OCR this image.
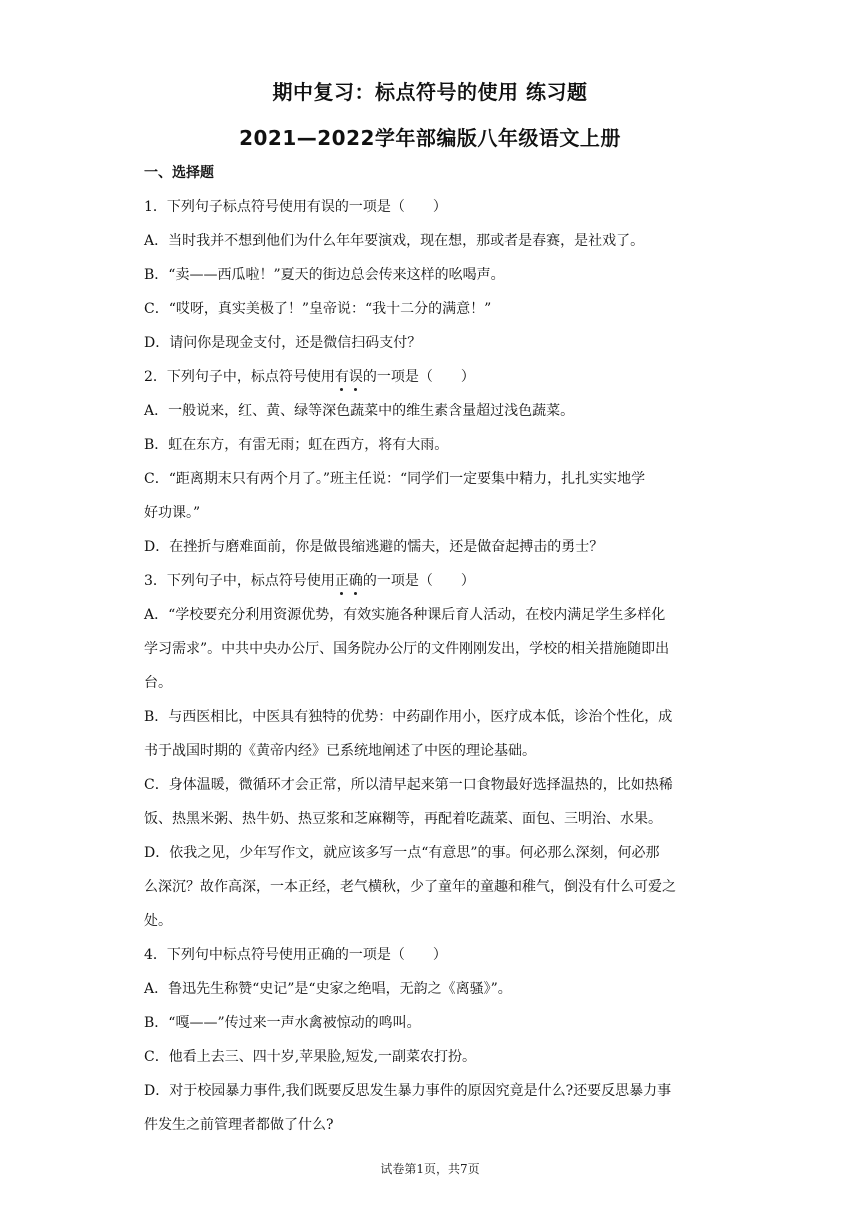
期中复习：标点符号的使用 练习题
2021—2022学年部编版八年级语文上册
一、选择题
1．下列句子标点符号使用有误的一项是（　　）
A．当时我并不想到他们为什么年年要演戏，现在想，那或者是春赛，是社戏了。
B．“卖——西瓜啦！”夏天的街边总会传来这样的吆喝声。
C．“哎呀，真实美极了！”皇帝说：“我十二分的满意！”
D．请问你是现金支付，还是微信扫码支付？
2．下列句子中，标点符号使用有误的一项是（　　）
A．一般说来，红、黄、绿等深色蔬菜中的维生素含量超过浅色蔬菜。
B．虹在东方，有雷无雨；虹在西方，将有大雨。
C．“距离期末只有两个月了。”班主任说：“同学们一定要集中精力，扎扎实实地学
好功课。”
D．在挫折与磨难面前，你是做畏缩逃避的懦夫，还是做奋起搏击的勇士？
3．下列句子中，标点符号使用正确的一项是（　　）
A．“学校要充分利用资源优势，有效实施各种课后育人活动，在校内满足学生多样化
学习需求”。中共中央办公厅、国务院办公厅的文件刚刚发出，学校的相关措施随即出
台。
B．与西医相比，中医具有独特的优势：中药副作用小，医疗成本低，诊治个性化，成
书于战国时期的《黄帝内经》已系统地阐述了中医的理论基础。
C．身体温暖，微循环才会正常，所以清早起来第一口食物最好选择温热的，比如热稀
饭、热黑米粥、热牛奶、热豆浆和芝麻糊等，再配着吃蔬菜、面包、三明治、水果。
D．依我之见，少年写作文，就应该多写一点“有意思”的事。何必那么深刻，何必那
么深沉？故作高深，一本正经，老气横秋，少了童年的童趣和稚气，倒没有什么可爱之
处。
4．下列句中标点符号使用正确的一项是（　　）
A．鲁迅先生称赞“史记”是“史家之绝唱，无韵之《离骚》”。
B．“嘎——”传过来一声水禽被惊动的鸣叫。
C．他看上去三、四十岁,苹果脸,短发,一副菜农打扮。
D．对于校园暴力事件,我们既要反思发生暴力事件的原因究竟是什么?还要反思暴力事
件发生之前管理者都做了什么?
试卷第1页，共7页
